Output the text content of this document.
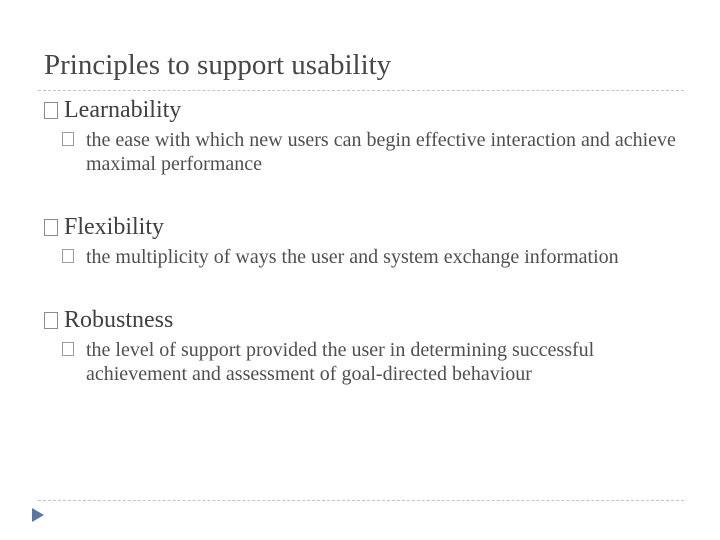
Principles to support usability

Learnability

the ease with which new users can begin effective interaction and achieve maximal performance

Flexibility

the multiplicity of ways the user and system exchange information

Robustness

the level of support provided the user in determining successful achievement and assessment of goal-directed behaviour
